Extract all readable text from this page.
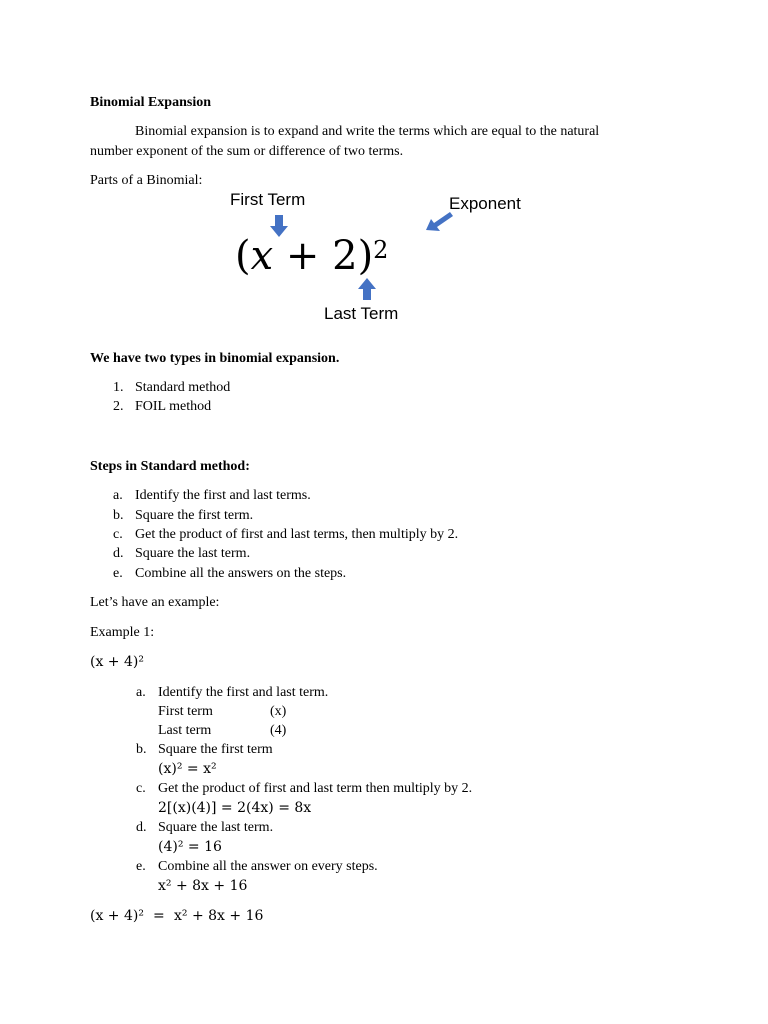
Binomial Expansion
Binomial expansion is to expand and write the terms which are equal to the natural
number exponent of the sum or difference of two terms.
Parts of a Binomial:
First Term	Exponent
$(x + 2)^2$
Last Term
We have two types in binomial expansion.
1. Standard method
2. FOIL method
Steps in Standard method:
a. Identify the first and last terms.
b. Square the first term.
c. Get the product of first and last terms, then multiply by 2.
d. Square the last term.
e. Combine all the answers on the steps.
Let’s have an example:
Example 1:
(x + 4)²
a. Identify the first and last term.
First term	(x)
Last term	(4)
b. Square the first term
(x)² = x²
c. Get the product of first and last term then multiply by 2.
2[(x)(4)] = 2(4x) = 8x
d. Square the last term.
(4)² = 16
e. Combine all the answer on every steps.
x² + 8x + 16
(x + 4)² = x² + 8x + 16
